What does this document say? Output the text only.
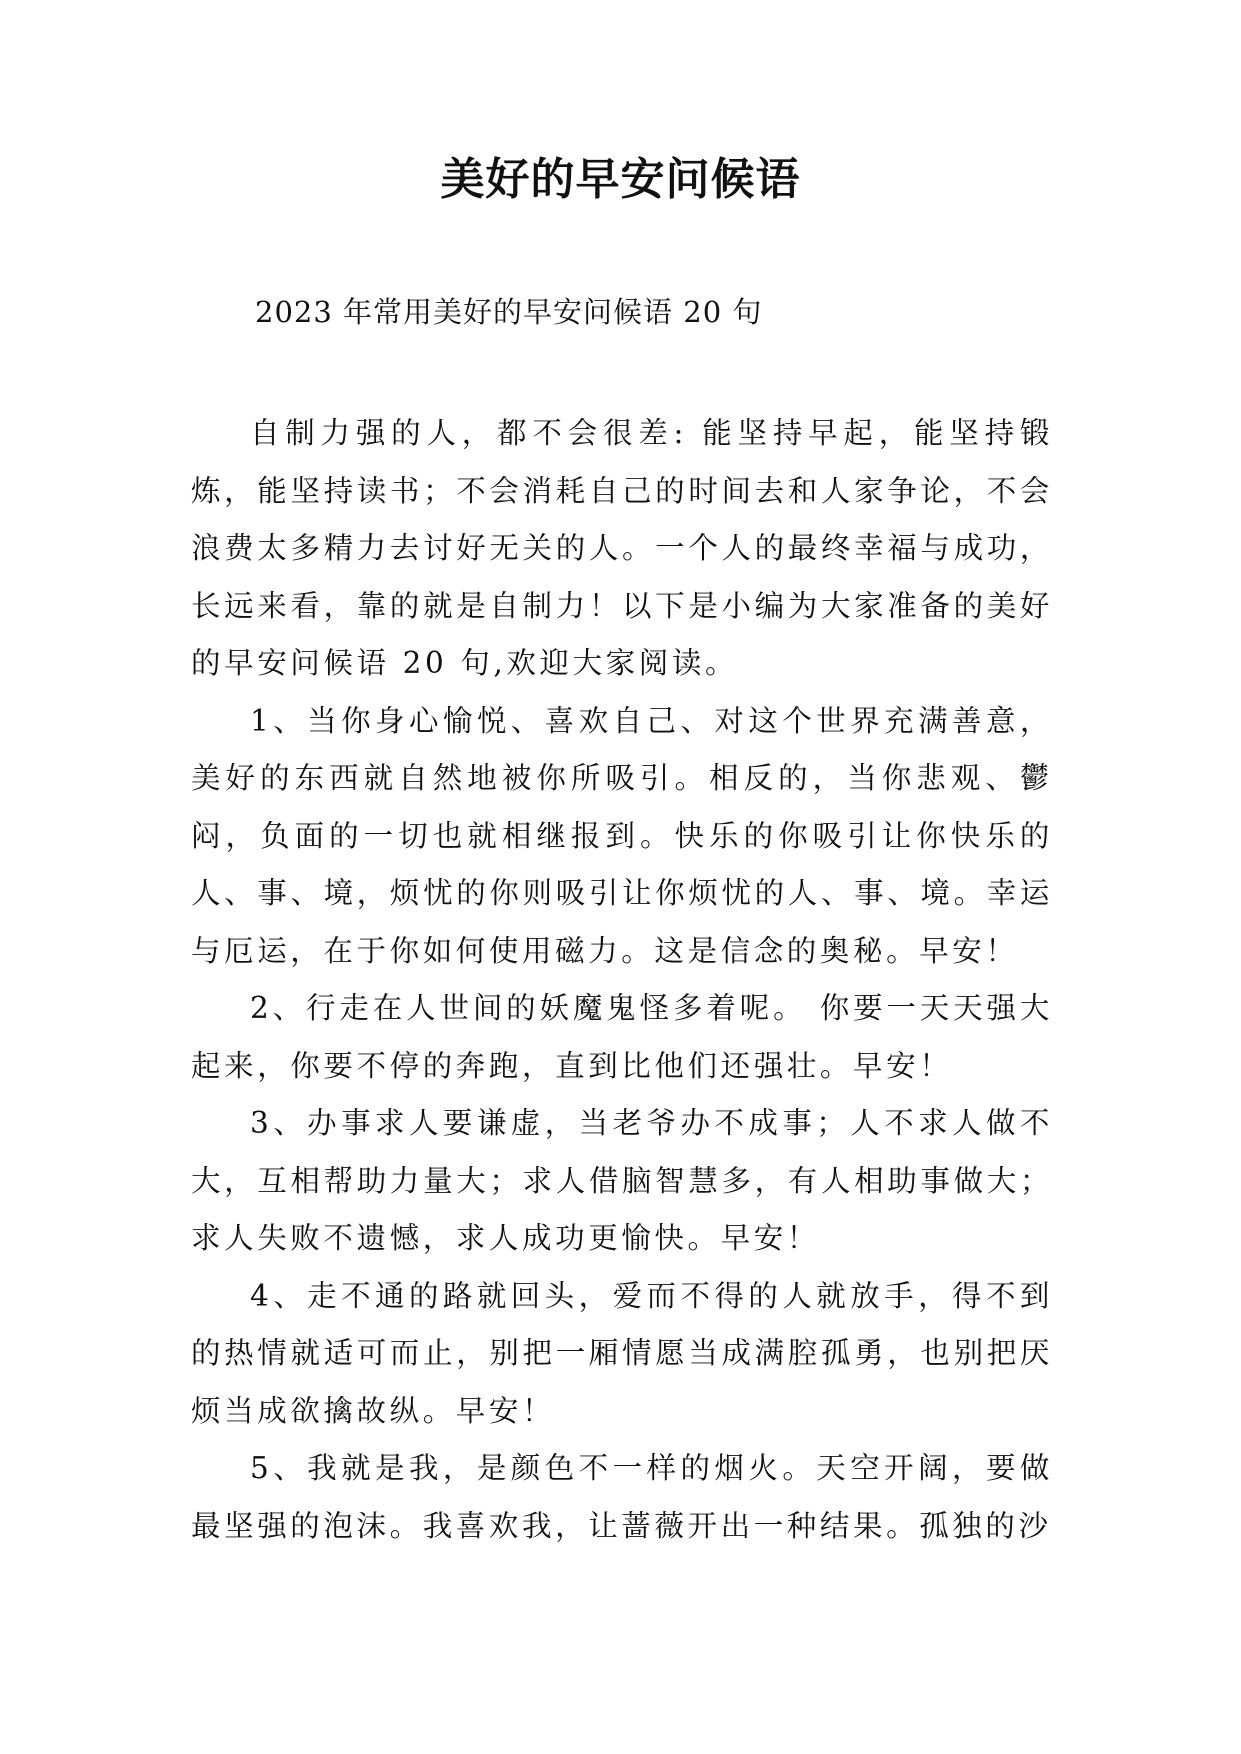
美好的早安问候语
2023 年常用美好的早安问候语 20 句

自制力强的人，都不会很差: 能坚持早起，能坚持锻炼，能坚持读书；不会消耗自己的时间去和人家争论，不会浪费太多精力去讨好无关的人。一个人的最终幸福与成功，长远来看，靠的就是自制力！以下是小编为大家准备的美好的早安问候语 20 句,欢迎大家阅读。

1、当你身心愉悦、喜欢自己、对这个世界充满善意，美好的东西就自然地被你所吸引。相反的，当你悲观、鬱闷，负面的一切也就相继报到。快乐的你吸引让你快乐的人、事、境，烦忧的你则吸引让你烦忧的人、事、境。幸运与厄运，在于你如何使用磁力。这是信念的奥秘。早安！

2、行走在人世间的妖魔鬼怪多着呢。 你要一天天强大起来，你要不停的奔跑，直到比他们还强壮。早安！

3、办事求人要谦虚，当老爷办不成事；人不求人做不大，互相帮助力量大；求人借脑智慧多，有人相助事做大；求人失败不遗憾，求人成功更愉快。早安！

4、走不通的路就回头，爱而不得的人就放手，得不到的热情就适可而止，别把一厢情愿当成满腔孤勇，也别把厌烦当成欲擒故纵。早安！

5、我就是我，是颜色不一样的烟火。天空开阔，要做最坚强的泡沫。我喜欢我，让蔷薇开出一种结果。孤独的沙
